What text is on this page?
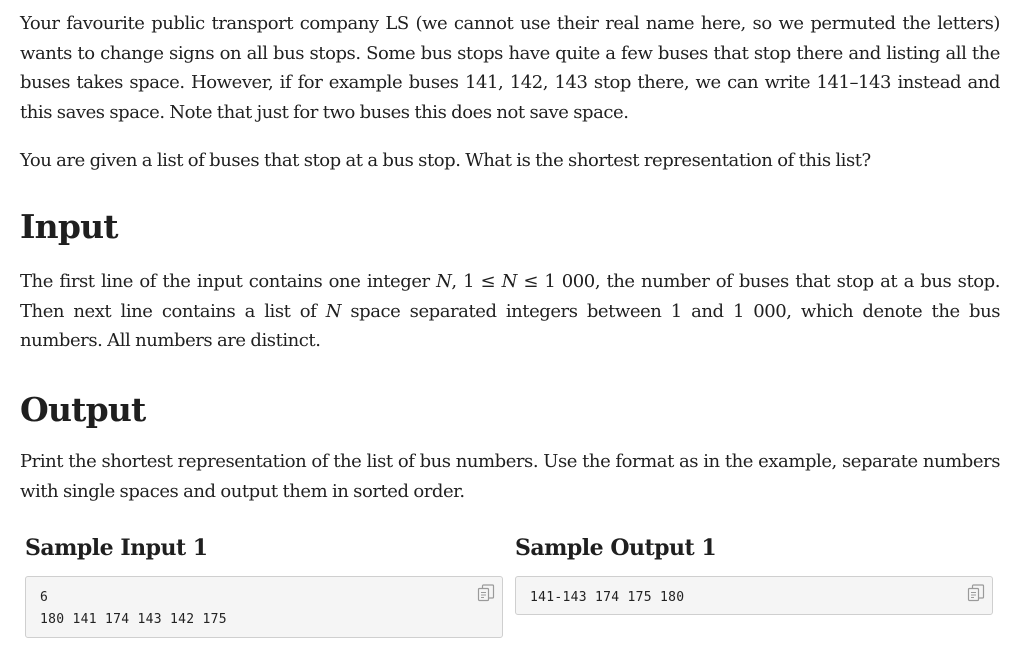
Your favourite public transport company LS (we cannot use their real name here, so we permuted the letters) wants to change signs on all bus stops. Some bus stops have quite a few buses that stop there and listing all the buses takes space. However, if for example buses 141, 142, 143 stop there, we can write 141–143 instead and this saves space. Note that just for two buses this does not save space.

You are given a list of buses that stop at a bus stop. What is the shortest representation of this list?

Input

The first line of the input contains one integer N, 1 ≤ N ≤ 1 000, the number of buses that stop at a bus stop. Then next line contains a list of N space separated integers between 1 and 1 000, which denote the bus numbers. All numbers are distinct.

Output

Print the shortest representation of the list of bus numbers. Use the format as in the example, separate numbers with single spaces and output them in sorted order.

Sample Input 1	Sample Output 1
6
180 141 174 143 142 175
141-143 174 175 180
